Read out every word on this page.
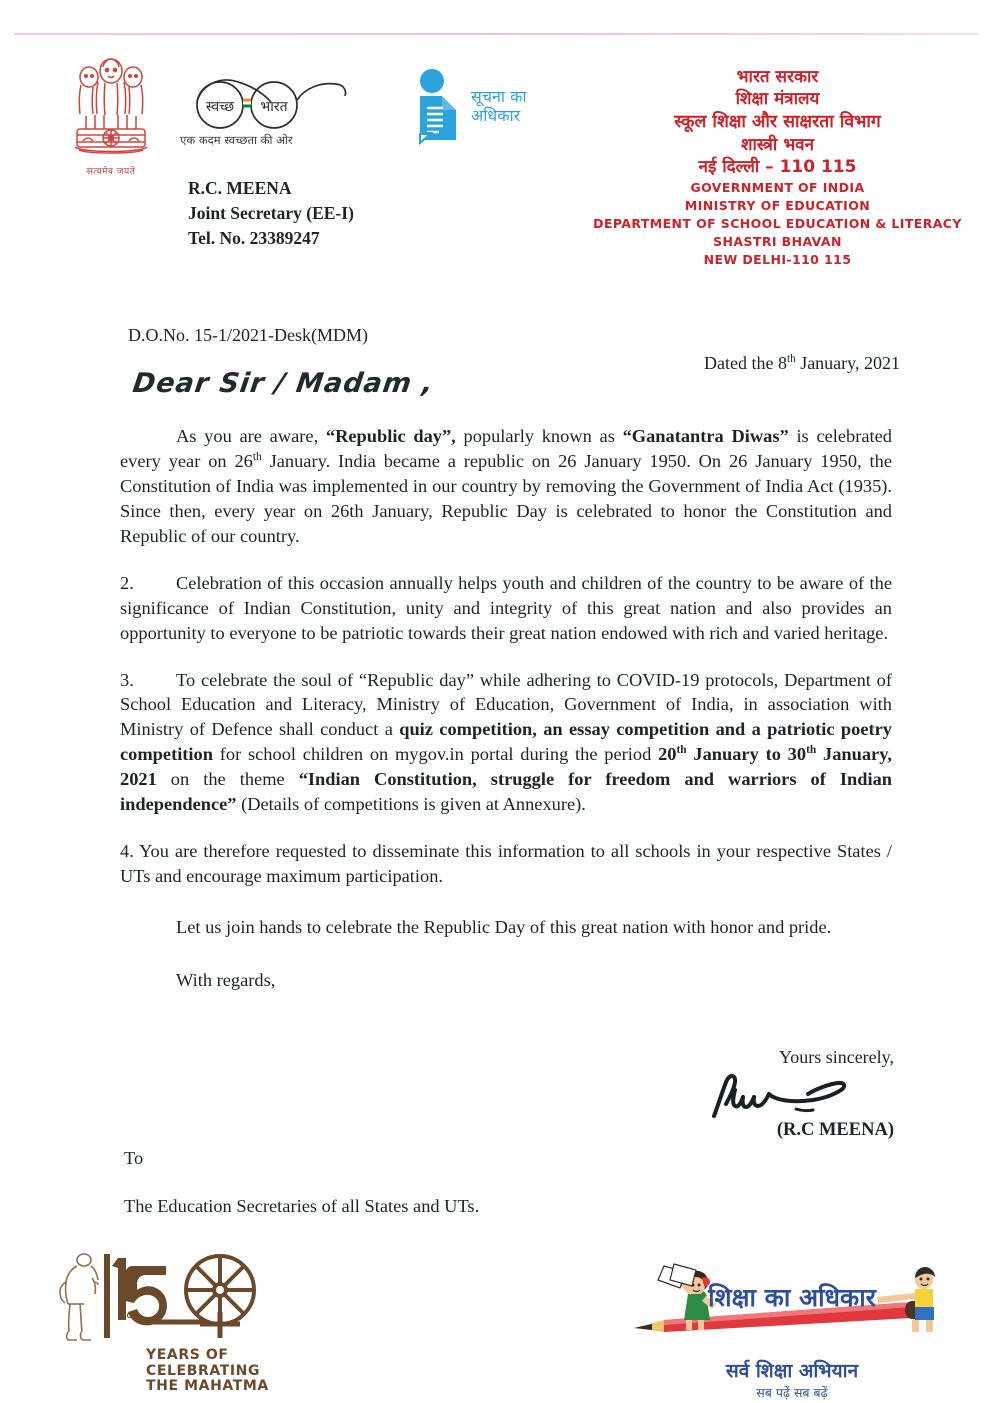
सत्यमेव जयते
स्वच्छ भारत
एक कदम स्वच्छता की ओर
सूचना का
अधिकार
R.C. MEENA
Joint Secretary (EE-I)
Tel. No. 23389247
भारत सरकार
शिक्षा मंत्रालय
स्कूल शिक्षा और साक्षरता विभाग
शास्त्री भवन
नई दिल्ली – 110 115
GOVERNMENT OF INDIA
MINISTRY OF EDUCATION
DEPARTMENT OF SCHOOL EDUCATION & LITERACY
SHASTRI BHAVAN
NEW DELHI-110 115
D.O.No. 15-1/2021-Desk(MDM)
Dated the 8th January, 2021
Dear Sir / Madam ,

As you are aware, “Republic day”, popularly known as “Ganatantra Diwas” is celebrated every year on 26th January. India became a republic on 26 January 1950. On 26 January 1950, the Constitution of India was implemented in our country by removing the Government of India Act (1935). Since then, every year on 26th January, Republic Day is celebrated to honor the Constitution and Republic of our country.

2. Celebration of this occasion annually helps youth and children of the country to be aware of the significance of Indian Constitution, unity and integrity of this great nation and also provides an opportunity to everyone to be patriotic towards their great nation endowed with rich and varied heritage.

3. To celebrate the soul of “Republic day” while adhering to COVID-19 protocols, Department of School Education and Literacy, Ministry of Education, Government of India, in association with Ministry of Defence shall conduct a quiz competition, an essay competition and a patriotic poetry competition for school children on mygov.in portal during the period 20th January to 30th January, 2021 on the theme “Indian Constitution, struggle for freedom and warriors of Indian independence” (Details of competitions is given at Annexure).

4. You are therefore requested to disseminate this information to all schools in your respective States / UTs and encourage maximum participation.

Let us join hands to celebrate the Republic Day of this great nation with honor and pride.

With regards,
Yours sincerely,
(R.C MEENA)
To
The Education Secretaries of all States and UTs.
ه
YEARS OF
CELEBRATING
THE MAHATMA
शिक्षा का अधिकार
सर्व शिक्षा अभियान
सब पढ़ें सब बढ़ें
